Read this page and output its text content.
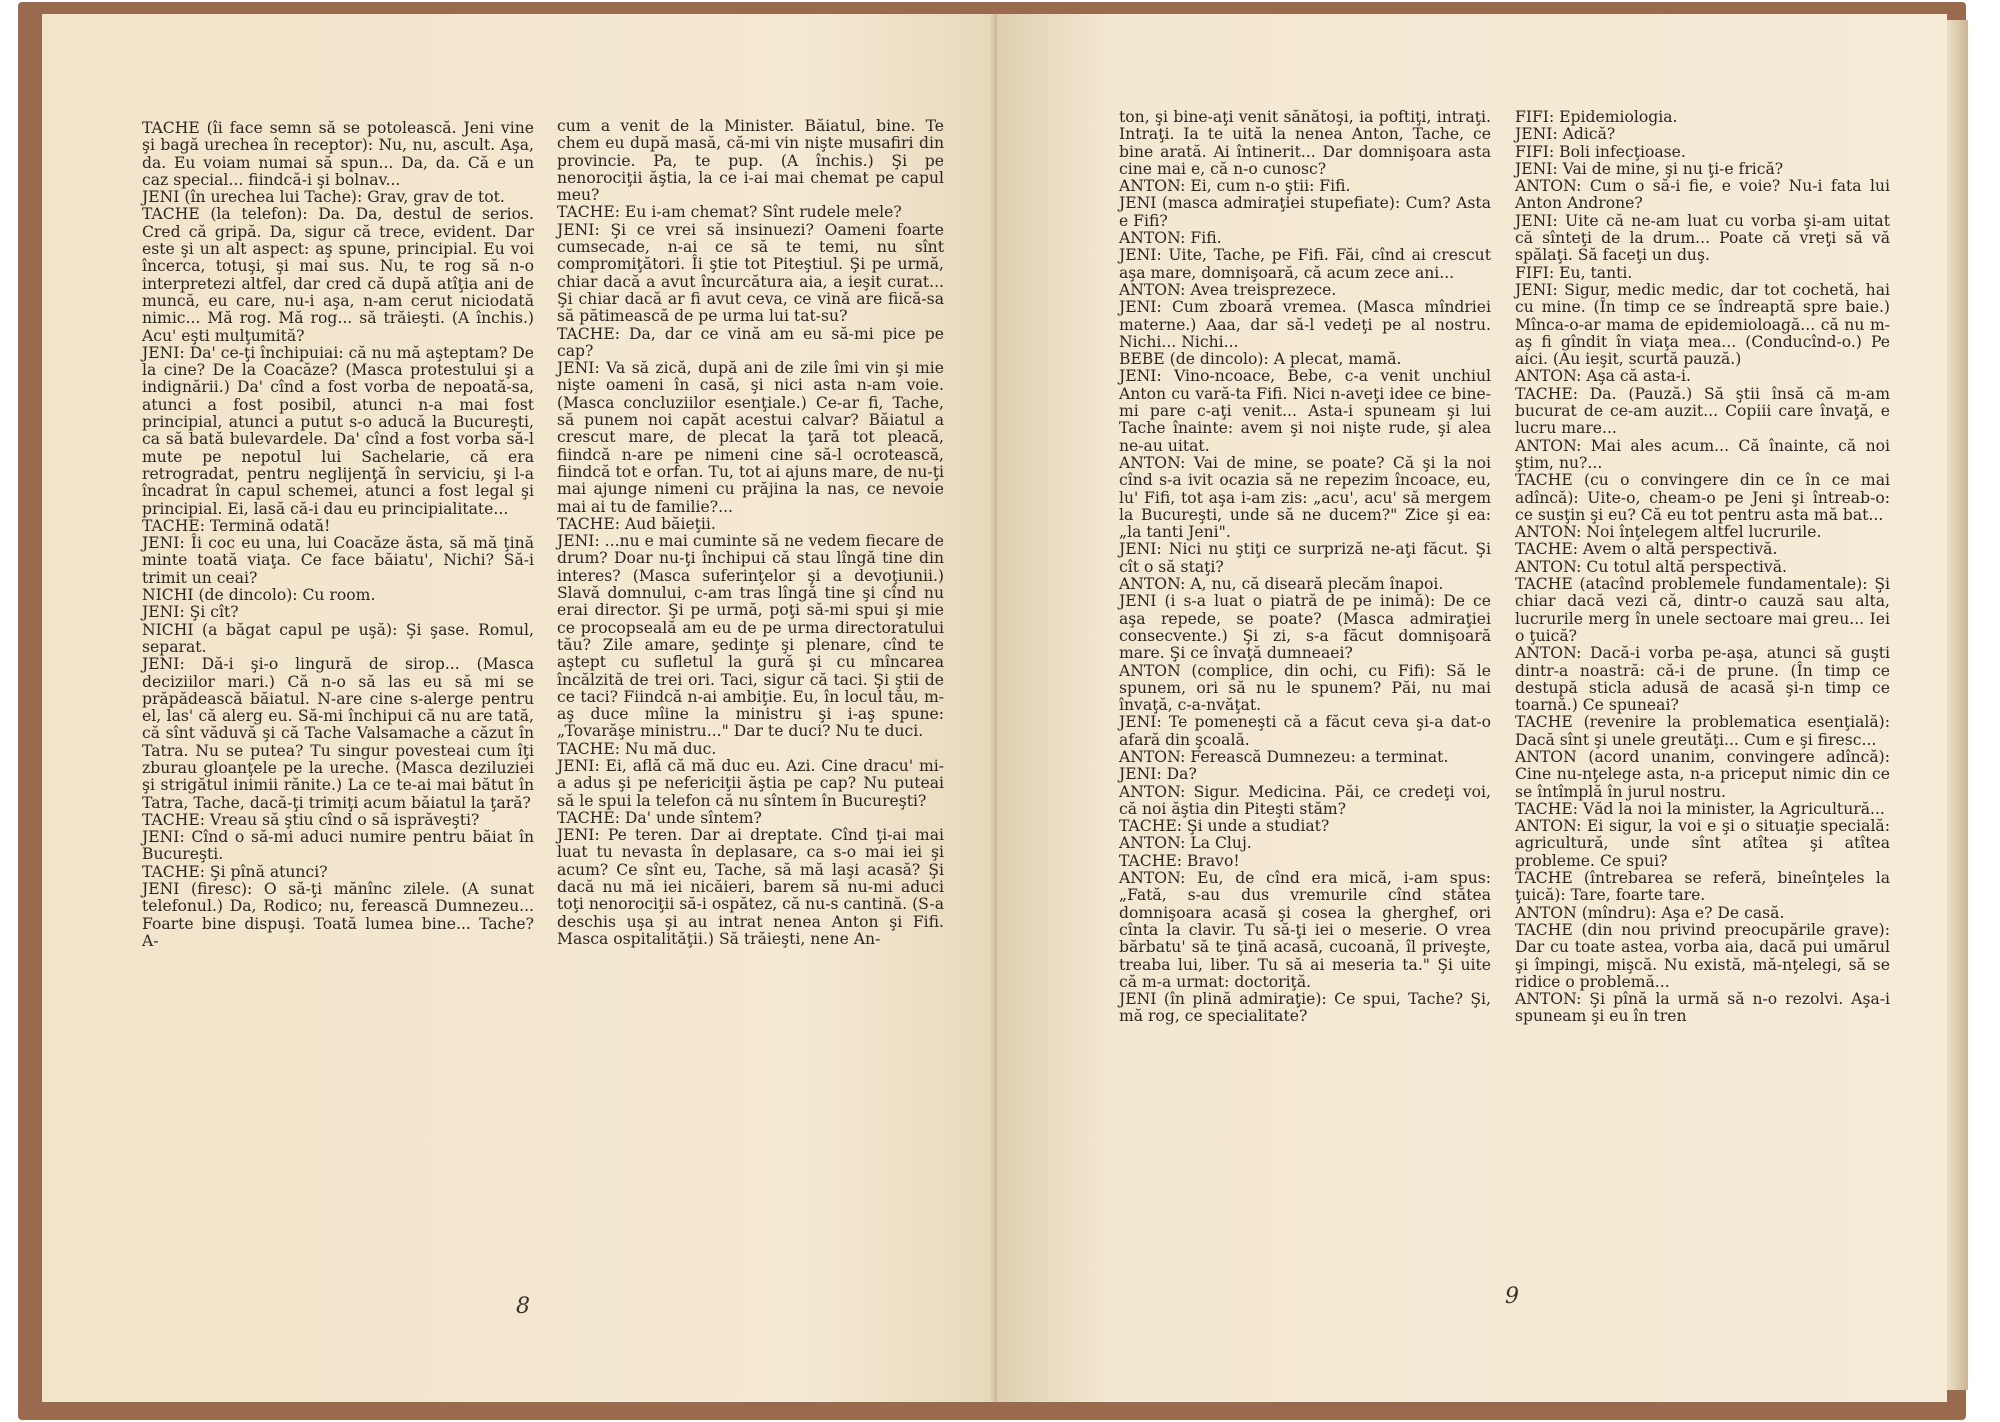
TACHE (îi face semn să se potolească. Jeni vine şi bagă urechea în receptor): Nu, nu, ascult. Aşa, da. Eu voiam numai să spun... Da, da. Că e un caz special... fiindcă-i şi bolnav...

JENI (în urechea lui Tache): Grav, grav de tot.

TACHE (la telefon): Da. Da, destul de serios. Cred că gripă. Da, sigur că trece, evident. Dar este şi un alt aspect: aş spune, principial. Eu voi încerca, totuşi, şi mai sus. Nu, te rog să n-o interpretezi altfel, dar cred că după atîţia ani de muncă, eu care, nu-i aşa, n-am cerut niciodată nimic... Mă rog. Mă rog... să trăieşti. (A închis.) Acu' eşti mulţumită?

JENI: Da' ce-ţi închipuiai: că nu mă aşteptam? De la cine? De la Coacăze? (Masca protestului şi a indignării.) Da' cînd a fost vorba de nepoată-sa, atunci a fost posibil, atunci n-a mai fost principial, atunci a putut s-o aducă la Bucureşti, ca să bată bulevardele. Da' cînd a fost vorba să-l mute pe nepotul lui Sachelarie, că era retrogradat, pentru neglijenţă în serviciu, şi l-a încadrat în capul schemei, atunci a fost legal şi principial. Ei, lasă că-i dau eu principialitate...

TACHE: Termină odată!

JENI: Îi coc eu una, lui Coacăze ăsta, să mă ţină minte toată viaţa. Ce face băiatu', Nichi? Să-i trimit un ceai?

NICHI (de dincolo): Cu room.

JENI: Şi cît?

NICHI (a băgat capul pe uşă): Şi şase. Romul, separat.

JENI: Dă-i şi-o lingură de sirop... (Masca deciziilor mari.) Că n-o să las eu să mi se prăpădească băiatul. N-are cine s-alerge pentru el, las' că alerg eu. Să-mi închipui că nu are tată, că sînt văduvă şi că Tache Valsamache a căzut în Tatra. Nu se putea? Tu singur povesteai cum îţi zburau gloanţele pe la ureche. (Masca deziluziei şi strigătul inimii rănite.) La ce te-ai mai bătut în Tatra, Tache, dacă-ţi trimiţi acum băiatul la ţară?

TACHE: Vreau să ştiu cînd o să isprăveşti?

JENI: Cînd o să-mi aduci numire pentru băiat în Bucureşti.

TACHE: Şi pînă atunci?

JENI (firesc): O să-ţi mănînc zilele. (A sunat telefonul.) Da, Rodico; nu, ferească Dumnezeu... Foarte bine dispuşi. Toată lumea bine... Tache? A-

cum a venit de la Minister. Băiatul, bine. Te chem eu după masă, că-mi vin nişte musafiri din provincie. Pa, te pup. (A închis.) Şi pe nenorociţii ăştia, la ce i-ai mai chemat pe capul meu?

TACHE: Eu i-am chemat? Sînt rudele mele?

JENI: Şi ce vrei să insinuezi? Oameni foarte cumsecade, n-ai ce să te temi, nu sînt compromiţători. Îi ştie tot Piteştiul. Şi pe urmă, chiar dacă a avut încurcătura aia, a ieşit curat... Şi chiar dacă ar fi avut ceva, ce vină are fiică-sa să pătimească de pe urma lui tat-su?

TACHE: Da, dar ce vină am eu să-mi pice pe cap?

JENI: Va să zică, după ani de zile îmi vin şi mie nişte oameni în casă, şi nici asta n-am voie. (Masca concluziilor esenţiale.) Ce-ar fi, Tache, să punem noi capăt acestui calvar? Băiatul a crescut mare, de plecat la ţară tot pleacă, fiindcă n-are pe nimeni cine să-l ocrotească, fiindcă tot e orfan. Tu, tot ai ajuns mare, de nu-ţi mai ajunge nimeni cu prăjina la nas, ce nevoie mai ai tu de familie?...

TACHE: Aud băieţii.

JENI: ...nu e mai cuminte să ne vedem fiecare de drum? Doar nu-ţi închipui că stau lîngă tine din interes? (Masca suferinţelor şi a devoţiunii.) Slavă domnului, c-am tras lîngă tine şi cînd nu erai director. Şi pe urmă, poţi să-mi spui şi mie ce procopseală am eu de pe urma directoratului tău? Zile amare, şedinţe şi plenare, cînd te aştept cu sufletul la gură şi cu mîncarea încălzită de trei ori. Taci, sigur că taci. Şi ştii de ce taci? Fiindcă n-ai ambiţie. Eu, în locul tău, m-aş duce mîine la ministru şi i-aş spune: „Tovarăşe ministru..." Dar te duci? Nu te duci.

TACHE: Nu mă duc.

JENI: Ei, află că mă duc eu. Azi. Cine dracu' mi-a adus şi pe nefericiţii ăştia pe cap? Nu puteai să le spui la telefon că nu sîntem în Bucureşti?

TACHE: Da' unde sîntem?

JENI: Pe teren. Dar ai dreptate. Cînd ţi-ai mai luat tu nevasta în deplasare, ca s-o mai iei şi acum? Ce sînt eu, Tache, să mă laşi acasă? Şi dacă nu mă iei nicăieri, barem să nu-mi aduci toţi nenorociţii să-i ospătez, că nu-s cantină. (S-a deschis uşa şi au intrat nenea Anton şi Fifi. Masca ospitalităţii.) Să trăieşti, nene An-

8

ton, şi bine-aţi venit sănătoşi, ia poftiţi, intraţi. Intraţi. Ia te uită la nenea Anton, Tache, ce bine arată. Ai întinerit... Dar domnişoara asta cine mai e, că n-o cunosc?

ANTON: Ei, cum n-o ştii: Fifi.

JENI (masca admiraţiei stupefiate): Cum? Asta e Fifi?

ANTON: Fifi.

JENI: Uite, Tache, pe Fifi. Făi, cînd ai crescut aşa mare, domnişoară, că acum zece ani...

ANTON: Avea treisprezece.

JENI: Cum zboară vremea. (Masca mîndriei materne.) Aaa, dar să-l vedeţi pe al nostru. Nichi... Nichi...

BEBE (de dincolo): A plecat, mamă.

JENI: Vino-ncoace, Bebe, c-a venit unchiul Anton cu vară-ta Fifi. Nici n-aveţi idee ce bine-mi pare c-aţi venit... Asta-i spuneam şi lui Tache înainte: avem şi noi nişte rude, şi alea ne-au uitat.

ANTON: Vai de mine, se poate? Că şi la noi cînd s-a ivit ocazia să ne repezim încoace, eu, lu' Fifi, tot aşa i-am zis: „acu', acu' să mergem la Bucureşti, unde să ne ducem?" Zice şi ea: „la tanti Jeni".

JENI: Nici nu ştiţi ce surpriză ne-aţi făcut. Şi cît o să staţi?

ANTON: A, nu, că diseară plecăm înapoi.

JENI (i s-a luat o piatră de pe inimă): De ce aşa repede, se poate? (Masca admiraţiei consecvente.) Şi zi, s-a făcut domnişoară mare. Şi ce învaţă dumneaei?

ANTON (complice, din ochi, cu Fifi): Să le spunem, ori să nu le spunem? Păi, nu mai învaţă, c-a-nvăţat.

JENI: Te pomeneşti că a făcut ceva şi-a dat-o afară din şcoală.

ANTON: Ferească Dumnezeu: a terminat.

JENI: Da?

ANTON: Sigur. Medicina. Păi, ce credeţi voi, că noi ăştia din Piteşti stăm?

TACHE: Şi unde a studiat?

ANTON: La Cluj.

TACHE: Bravo!

ANTON: Eu, de cînd era mică, i-am spus: „Fată, s-au dus vremurile cînd stătea domnişoara acasă şi cosea la gherghef, ori cînta la clavir. Tu să-ţi iei o meserie. O vrea bărbatu' să te ţină acasă, cucoană, îl priveşte, treaba lui, liber. Tu să ai meseria ta." Şi uite că m-a urmat: doctoriţă.

JENI (în plină admiraţie): Ce spui, Tache? Şi, mă rog, ce specialitate?

FIFI: Epidemiologia.

JENI: Adică?

FIFI: Boli infecţioase.

JENI: Vai de mine, şi nu ţi-e frică?

ANTON: Cum o să-i fie, e voie? Nu-i fata lui Anton Androne?

JENI: Uite că ne-am luat cu vorba şi-am uitat că sînteţi de la drum... Poate că vreţi să vă spălaţi. Să faceţi un duş.

FIFI: Eu, tanti.

JENI: Sigur, medic medic, dar tot cochetă, hai cu mine. (În timp ce se îndreaptă spre baie.) Mînca-o-ar mama de epidemioloagă... că nu m-aş fi gîndit în viaţa mea... (Conducînd-o.) Pe aici. (Au ieşit, scurtă pauză.)

ANTON: Aşa că asta-i.

TACHE: Da. (Pauză.) Să ştii însă că m-am bucurat de ce-am auzit... Copiii care învaţă, e lucru mare...

ANTON: Mai ales acum... Că înainte, că noi ştim, nu?...

TACHE (cu o convingere din ce în ce mai adîncă): Uite-o, cheam-o pe Jeni şi întreab-o: ce susţin şi eu? Că eu tot pentru asta mă bat...

ANTON: Noi înţelegem altfel lucrurile.

TACHE: Avem o altă perspectivă.

ANTON: Cu totul altă perspectivă.

TACHE (atacînd problemele fundamentale): Şi chiar dacă vezi că, dintr-o cauză sau alta, lucrurile merg în unele sectoare mai greu... Iei o ţuică?

ANTON: Dacă-i vorba pe-aşa, atunci să guşti dintr-a noastră: că-i de prune. (În timp ce destupă sticla adusă de acasă şi-n timp ce toarnă.) Ce spuneai?

TACHE (revenire la problematica esenţială): Dacă sînt şi unele greutăţi... Cum e şi firesc...

ANTON (acord unanim, convingere adîncă): Cine nu-nţelege asta, n-a priceput nimic din ce se întîmplă în jurul nostru.

TACHE: Văd la noi la minister, la Agricultură...

ANTON: Ei sigur, la voi e şi o situaţie specială: agricultură, unde sînt atîtea şi atîtea probleme. Ce spui?

TACHE (întrebarea se referă, bineînţeles la ţuică): Tare, foarte tare.

ANTON (mîndru): Aşa e? De casă.

TACHE (din nou privind preocupările grave): Dar cu toate astea, vorba aia, dacă pui umărul şi împingi, mişcă. Nu există, mă-nţelegi, să se ridice o problemă...

ANTON: Şi pînă la urmă să n-o rezolvi. Aşa-i spuneam şi eu în tren

9
